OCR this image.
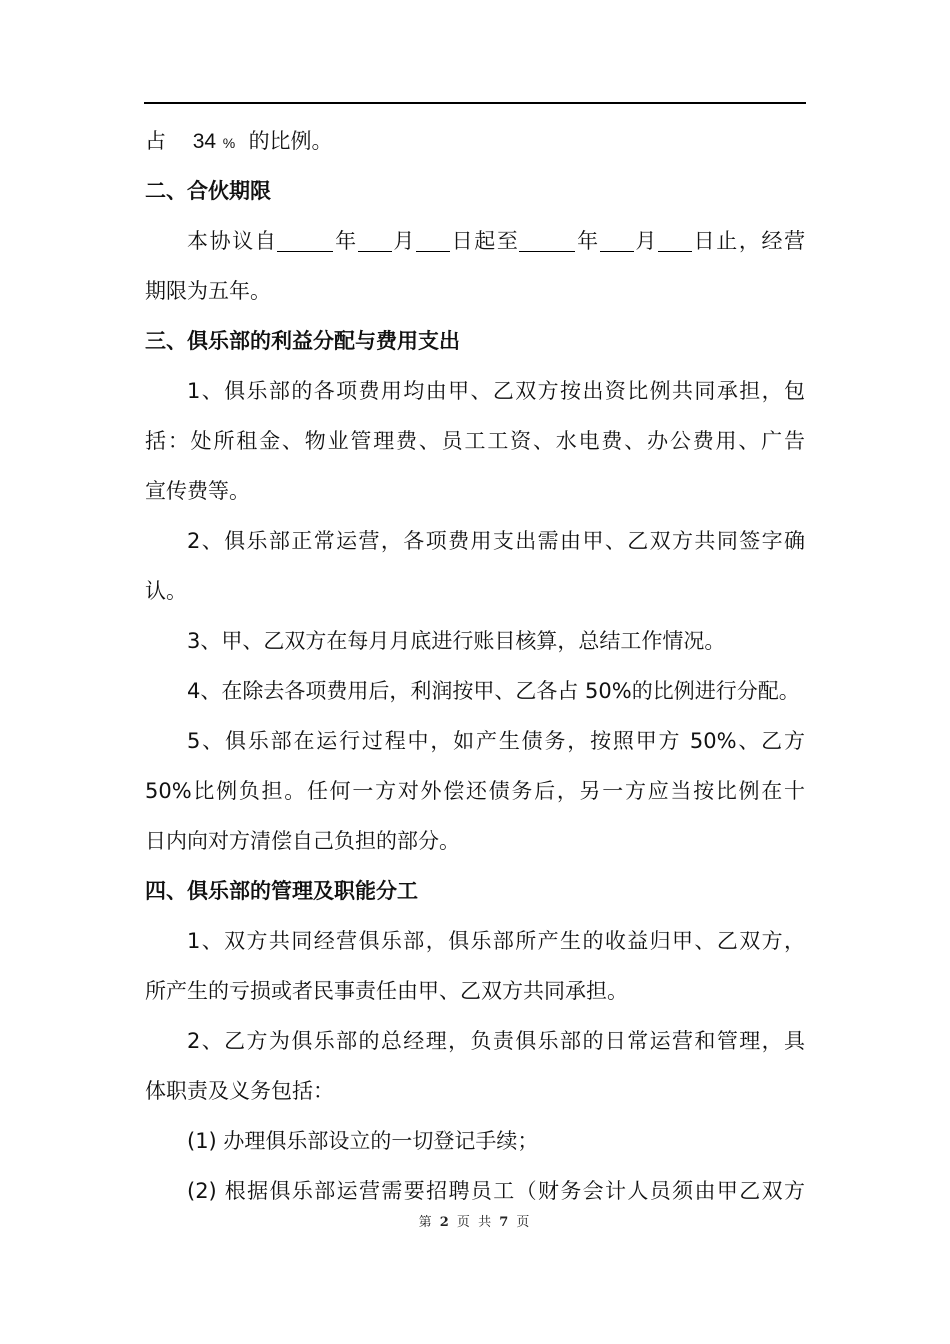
占 34 % 的比例。
二、合伙期限
本协议自	年 月 日起至	年 月 日止，经营
期限为五年。
三、俱乐部的利益分配与费用支出
1、俱乐部的各项费用均由甲、乙双方按出资比例共同承担，包
括：处所租金、物业管理费、员工工资、水电费、办公费用、广告
宣传费等。
2、俱乐部正常运营，各项费用支出需由甲、乙双方共同签字确
认。
3、甲、乙双方在每月月底进行账目核算，总结工作情况。
4、在除去各项费用后，利润按甲、乙各占 50%的比例进行分配。
5、俱乐部在运行过程中，如产生债务，按照甲方 50%、乙方
50%比例负担。任何一方对外偿还债务后，另一方应当按比例在十
日内向对方清偿自己负担的部分。
四、俱乐部的管理及职能分工
1、双方共同经营俱乐部，俱乐部所产生的收益归甲、乙双方，
所产生的亏损或者民事责任由甲、乙双方共同承担。
2、乙方为俱乐部的总经理，负责俱乐部的日常运营和管理，具
体职责及义务包括：
(1) 办理俱乐部设立的一切登记手续；
(2) 根据俱乐部运营需要招聘员工（财务会计人员须由甲乙双方
第 2 页 共 7 页
